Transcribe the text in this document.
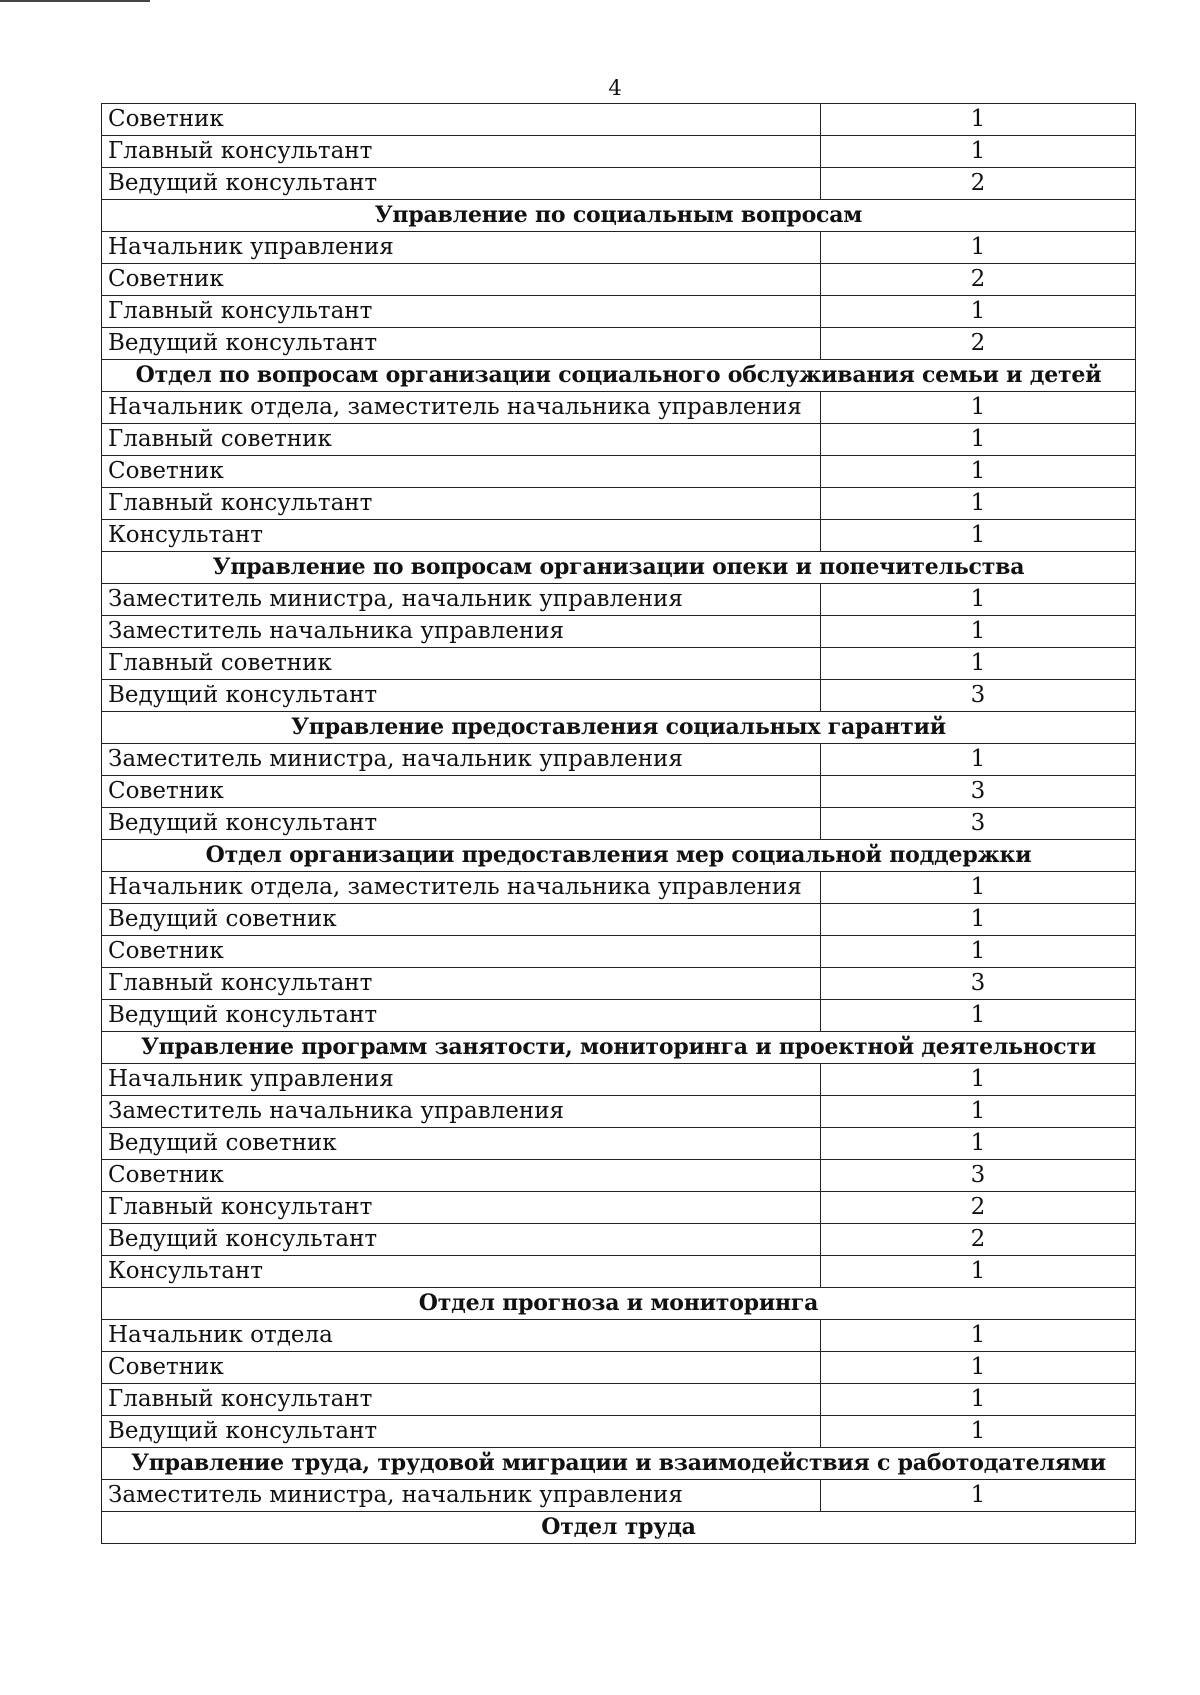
4
Советник	1
Главный консультант	1
Ведущий консультант	2
Управление по социальным вопросам	
Начальник управления	1
Советник	2
Главный консультант	1
Ведущий консультант	2
Отдел по вопросам организации социального обслуживания семьи и детей	
Начальник отдела, заместитель начальника управления	1
Главный советник	1
Советник	1
Главный консультант	1
Консультант	1
Управление по вопросам организации опеки и попечительства	
Заместитель министра, начальник управления	1
Заместитель начальника управления	1
Главный советник	1
Ведущий консультант	3
Управление предоставления социальных гарантий	
Заместитель министра, начальник управления	1
Советник	3
Ведущий консультант	3
Отдел организации предоставления мер социальной поддержки	
Начальник отдела, заместитель начальника управления	1
Ведущий советник	1
Советник	1
Главный консультант	3
Ведущий консультант	1
Управление программ занятости, мониторинга и проектной деятельности	
Начальник управления	1
Заместитель начальника управления	1
Ведущий советник	1
Советник	3
Главный консультант	2
Ведущий консультант	2
Консультант	1
Отдел прогноза и мониторинга	
Начальник отдела	1
Советник	1
Главный консультант	1
Ведущий консультант	1
Управление труда, трудовой миграции и взаимодействия с работодателями	
Заместитель министра, начальник управления	1
Отдел труда	
